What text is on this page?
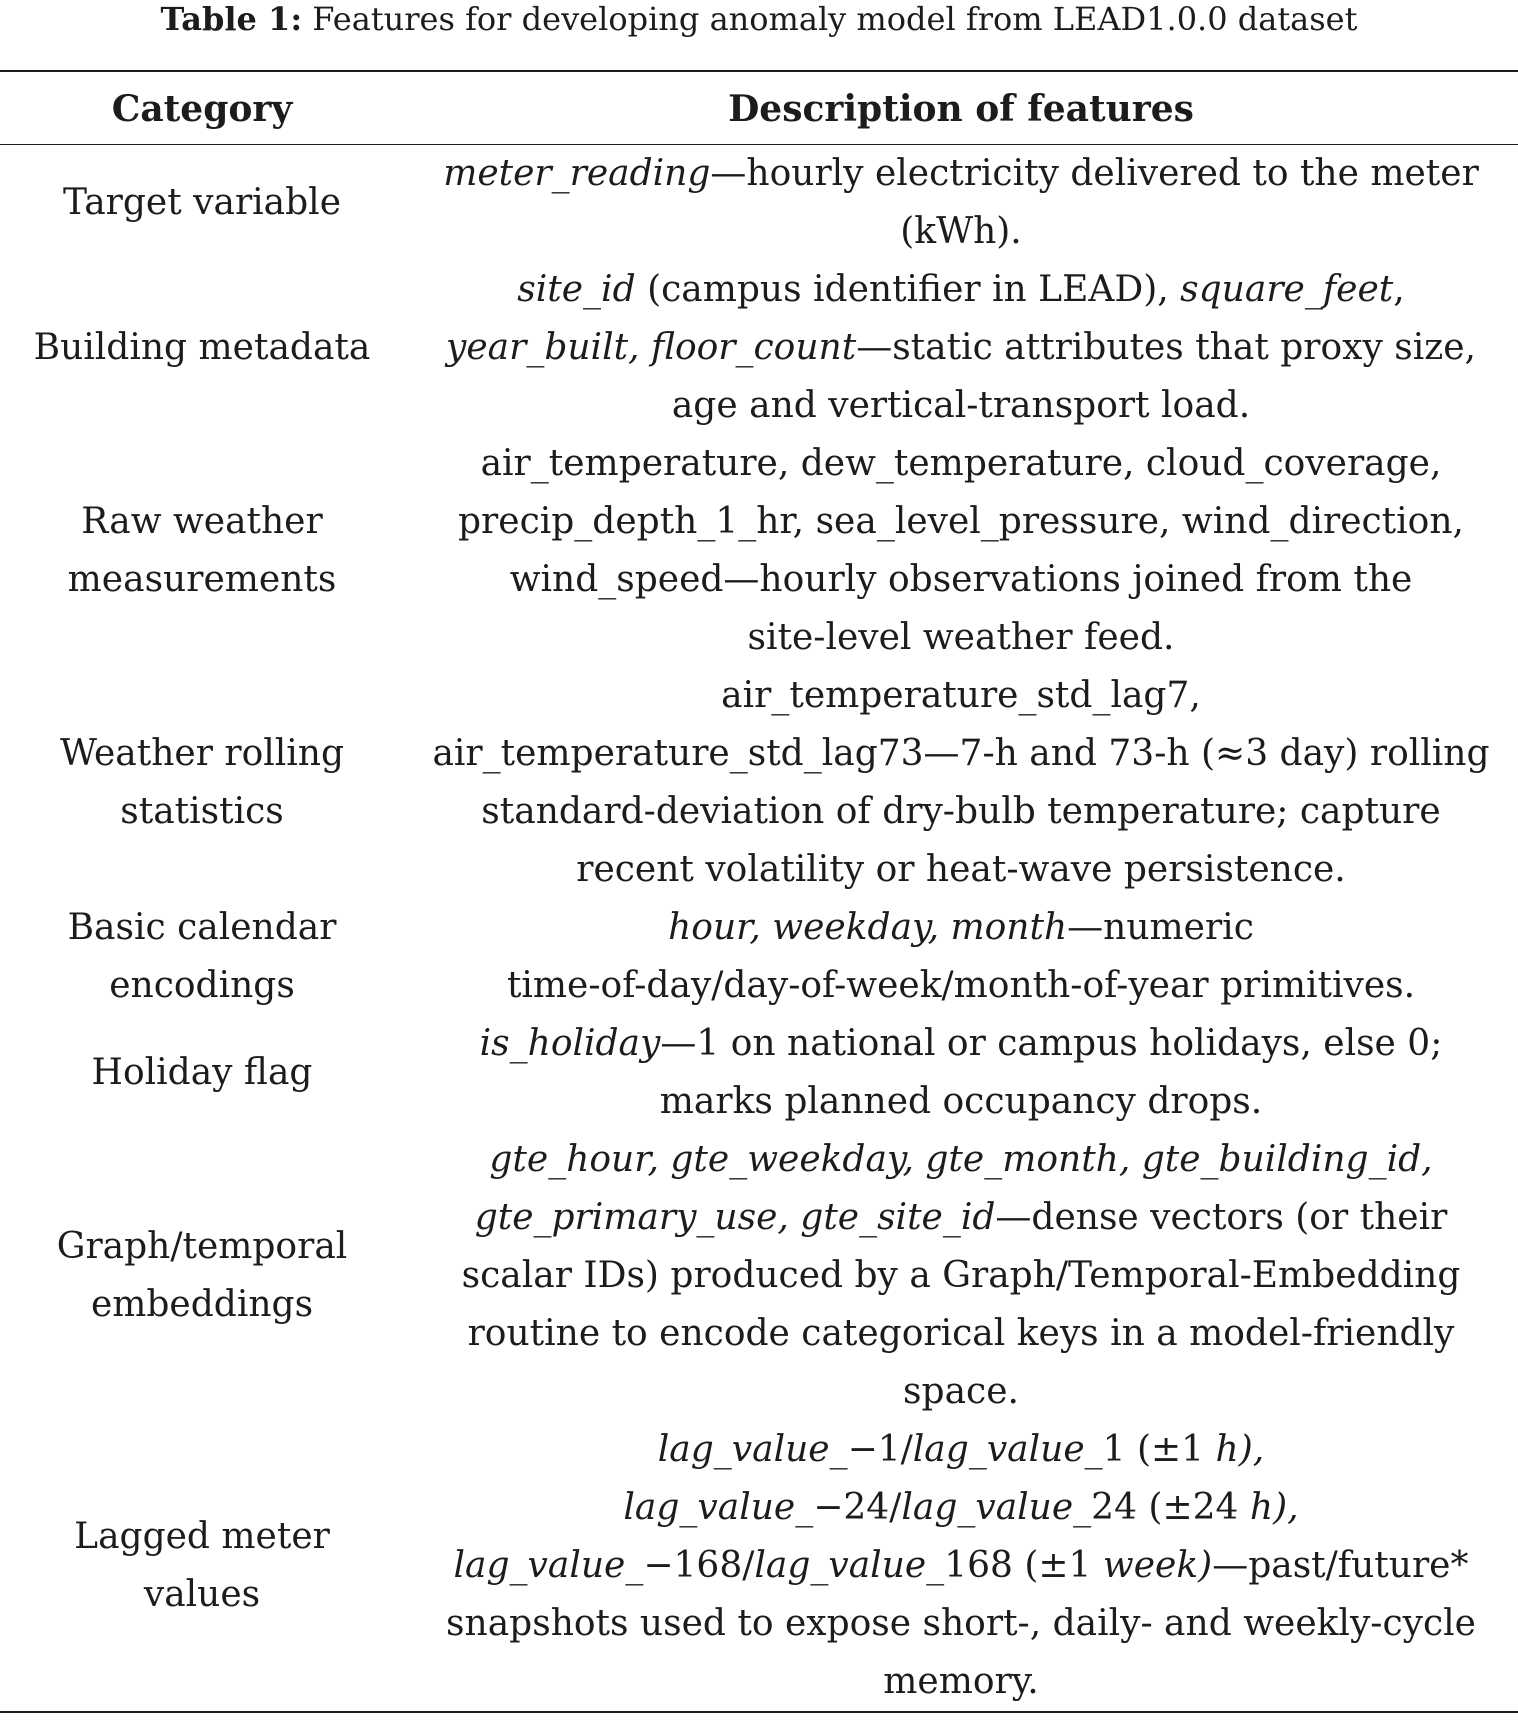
Table 1: Features for developing anomaly model from LEAD1.0.0 dataset
Category	Description of features

Target variable	meter_reading—hourly electricity delivered to the meter
(kWh).

Building metadata	site_id (campus identifier in LEAD), square_feet,
year_built, floor_count—static attributes that proxy size,
age and vertical-transport load.

Raw weather
measurements	air_temperature, dew_temperature, cloud_coverage,
precip_depth_1_hr, sea_level_pressure, wind_direction,
wind_speed—hourly observations joined from the
site-level weather feed.

Weather rolling
statistics	air_temperature_std_lag7,
air_temperature_std_lag73—7-h and 73-h (≈3 day) rolling
standard-deviation of dry-bulb temperature; capture
recent volatility or heat-wave persistence.

Basic calendar
encodings	hour, weekday, month—numeric
time-of-day/day-of-week/month-of-year primitives.

Holiday flag	is_holiday—1 on national or campus holidays, else 0;
marks planned occupancy drops.

Graph/temporal
embeddings	gte_hour, gte_weekday, gte_month, gte_building_id,
gte_primary_use, gte_site_id—dense vectors (or their
scalar IDs) produced by a Graph/Temporal-Embedding
routine to encode categorical keys in a model-friendly
space.

Lagged meter
values	lag_value_−1/lag_value_1 (±1 h),
lag_value_−24/lag_value_24 (±24 h),
lag_value_−168/lag_value_168 (±1 week)—past/future*
snapshots used to expose short-, daily- and weekly-cycle
memory.
